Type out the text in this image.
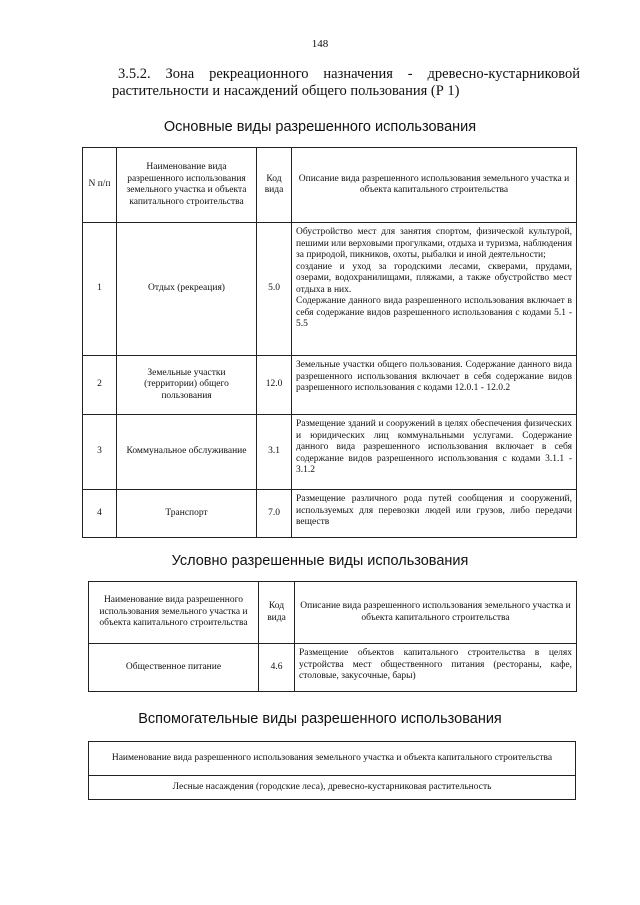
148
3.5.2. Зона рекреационного назначения - древесно-кустарниковой
растительности и насаждений общего пользования (Р 1)
Основные виды разрешенного использования
N п/п	Наименование вида разрешенного использования земельного участка и объекта капитального строительства	Код вида	Описание вида разрешенного использования земельного участка и объекта капитального строительства
1	Отдых (рекреация)	5.0	Обустройство мест для занятия спортом, физической культурой, пешими или верховыми прогулками, отдыха и туризма, наблюдения за природой, пикников, охоты, рыбалки и иной деятельности;
создание и уход за городскими лесами, скверами, прудами, озерами, водохранилищами, пляжами, а также обустройство мест отдыха в них.
Содержание данного вида разрешенного использования включает в себя содержание видов разрешенного использования с кодами 5.1 - 5.5

2	Земельные участки (территории) общего пользования	12.0	Земельные участки общего пользования. Содержание данного вида разрешенного использования включает в себя содержание видов разрешенного использования с кодами 12.0.1 - 12.0.2

3	Коммунальное обслуживание	3.1	Размещение зданий и сооружений в целях обеспечения физических и юридических лиц коммунальными услугами. Содержание данного вида разрешенного использования включает в себя содержание видов разрешенного использования с кодами 3.1.1 - 3.1.2

4	Транспорт	7.0	Размещение различного рода путей сообщения и сооружений, используемых для перевозки людей или грузов, либо передачи веществ
Условно разрешенные виды использования
Наименование вида разрешенного использования земельного участка и объекта капитального строительства	Код вида	Описание вида разрешенного использования земельного участка и объекта капитального строительства
Общественное питание	4.6	Размещение объектов капитального строительства в целях устройства мест общественного питания (рестораны, кафе, столовые, закусочные, бары)
Вспомогательные виды разрешенного использования
Наименование вида разрешенного использования земельного участка и объекта капитального строительства
Лесные насаждения (городские леса), древесно-кустарниковая растительность
